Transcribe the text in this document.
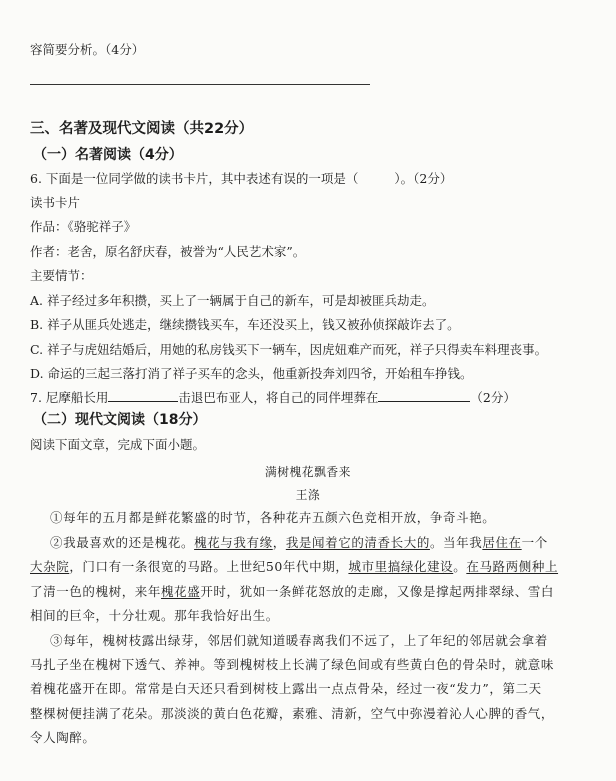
容简要分析。（4分）
三、名著及现代文阅读（共22分）
（一）名著阅读（4分）
6. 下面是一位同学做的读书卡片，其中表述有误的一项是（	）。（2分）
读书卡片
作品：《骆驼祥子》
作者：老舍，原名舒庆春，被誉为“人民艺术家”。
主要情节：
A. 祥子经过多年积攒，买上了一辆属于自己的新车，可是却被匪兵劫走。
B. 祥子从匪兵处逃走，继续攒钱买车，车还没买上，钱又被孙侦探敲诈去了。
C. 祥子与虎妞结婚后，用她的私房钱买下一辆车，因虎妞难产而死，祥子只得卖车料理丧事。
D. 命运的三起三落打消了祥子买车的念头，他重新投奔刘四爷，开始租车挣钱。
7. 尼摩船长用	击退巴布亚人，将自己的同伴埋葬在	（2分）
（二）现代文阅读（18分）
阅读下面文章，完成下面小题。
满树槐花飘香来
王涤
①每年的五月都是鲜花繁盛的时节，各种花卉五颜六色竞相开放，争奇斗艳。
②我最喜欢的还是槐花。槐花与我有缘，我是闻着它的清香长大的。当年我居住在一个
大杂院，门口有一条很宽的马路。上世纪50年代中期，城市里搞绿化建设。在马路两侧种上
了清一色的槐树，来年槐花盛开时，犹如一条鲜花怒放的走廊，又像是撑起两排翠绿、雪白
相间的巨伞，十分壮观。那年我恰好出生。
③每年，槐树枝露出绿芽，邻居们就知道暖春离我们不远了，上了年纪的邻居就会拿着
马扎子坐在槐树下透气、养神。等到槐树枝上长满了绿色间或有些黄白色的骨朵时，就意味
着槐花盛开在即。常常是白天还只看到树枝上露出一点点骨朵，经过一夜“发力”，第二天
整棵树便挂满了花朵。那淡淡的黄白色花瓣，素雅、清新，空气中弥漫着沁人心脾的香气，
令人陶醉。
